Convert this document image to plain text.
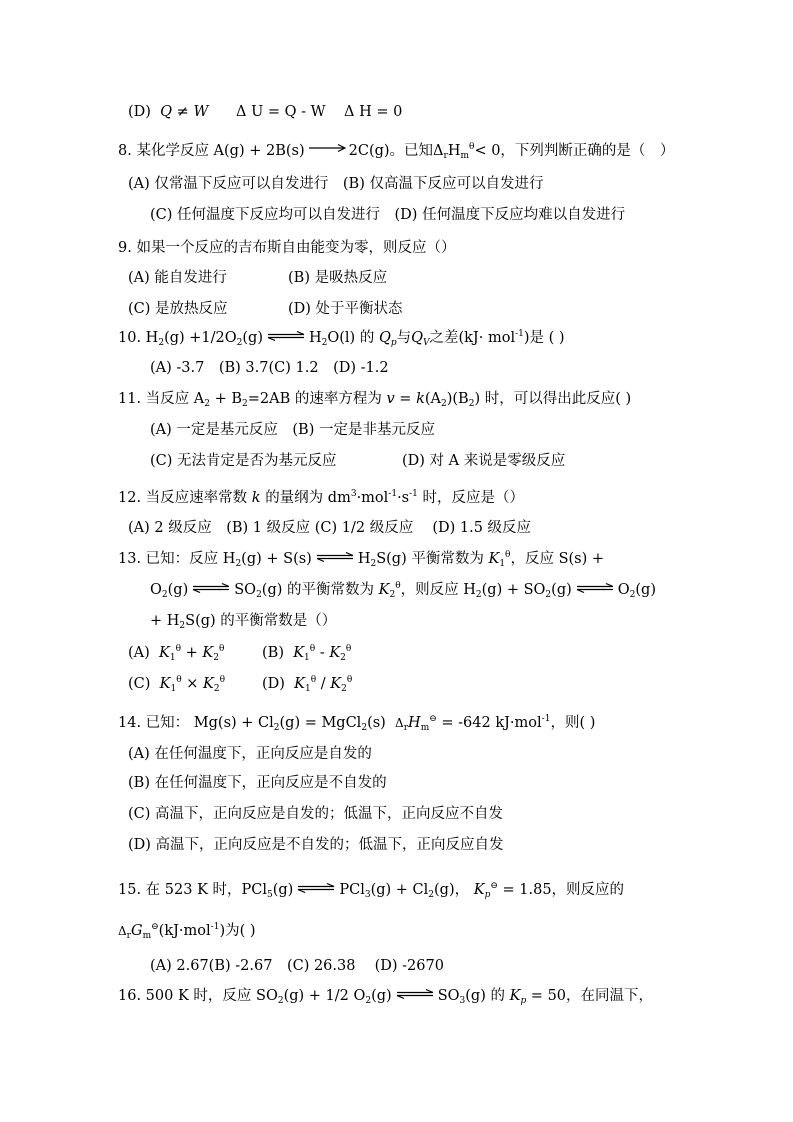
(D) Q ≠ W Δ U = Q - W Δ H = 0
8. 某化学反应 A(g) + 2B(s)	2C(g)。已知$\Delta_rH_m^\theta< 0$，下列判断正确的是（　）
(A) 仅常温下反应可以自发进行　(B) 仅高温下反应可以自发进行
(C) 任何温度下反应均可以自发进行　(D) 任何温度下反应均难以自发进行
9. 如果一个反应的吉布斯自由能变为零，则反应（）
(A) 能自发进行	(B) 是吸热反应
(C) 是放热反应	(D) 处于平衡状态
10. $H_2(g) +1/2O_2(g)$	$H_2O(l)$ 的 $Q_p$与$Q_V$之差(kJ· mol$^{-1}$)是 ( )
(A) -3.7　(B) 3.7(C) 1.2　(D) -1.2
11. 当反应 $A_2 + B_2=2AB$ 的速率方程为 $v = k(A_2)(B_2)$ 时，可以得出此反应( )
(A) 一定是基元反应　(B) 一定是非基元反应
(C) 无法肯定是否为基元反应	(D) 对 A 来说是零级反应
12. 当反应速率常数 k 的量纲为 $dm^3\cdot mol^{-1}\cdot s^{-1}$ 时，反应是（）
(A) 2 级反应　(B) 1 级反应 (C) 1/2 级反应　 (D) 1.5 级反应
13. 已知：反应 $H_2(g) + S(s)$	$H_2S(g)$ 平衡常数为 $K_1^\theta$，反应 S(s) +
$O_2(g)$	$SO_2(g)$ 的平衡常数为 $K_2^\theta$，则反应 $H_2(g) + SO_2(g)$	$O_2(g)$
+ $H_2S(g)$ 的平衡常数是（）
(A) $K_1^\theta + K_2^\theta$	(B) $K_1^\theta - K_2^\theta$
(C) $K_1^\theta \times K_2^\theta$	(D) $K_1^\theta / K_2^\theta$
14. 已知： $Mg(s) + Cl_2(g)$ = MgCl$_2$(s) $\Delta_rH_m^⊖ = -642$ kJ·mol$^{-1}$，则( )
(A) 在任何温度下，正向反应是自发的
(B) 在任何温度下，正向反应是不自发的
(C) 高温下，正向反应是自发的；低温下，正向反应不自发
(D) 高温下，正向反应是不自发的；低温下，正向反应自发
15. 在 523 K 时，PCl$_5$(g)	$PCl_3(g) + Cl_2(g)$， $K_p^⊖ = 1.85$，则反应的
$\Delta_rG_m^⊖(kJ\cdot mol^{-1})$为( )
(A) 2.67(B) -2.67　(C) 26.38　 (D) -2670
16. 500 K 时，反应 $SO_2(g) + 1/2$ $O_2(g)$	$SO_3(g)$ 的 $K_p = 50$，在同温下，
